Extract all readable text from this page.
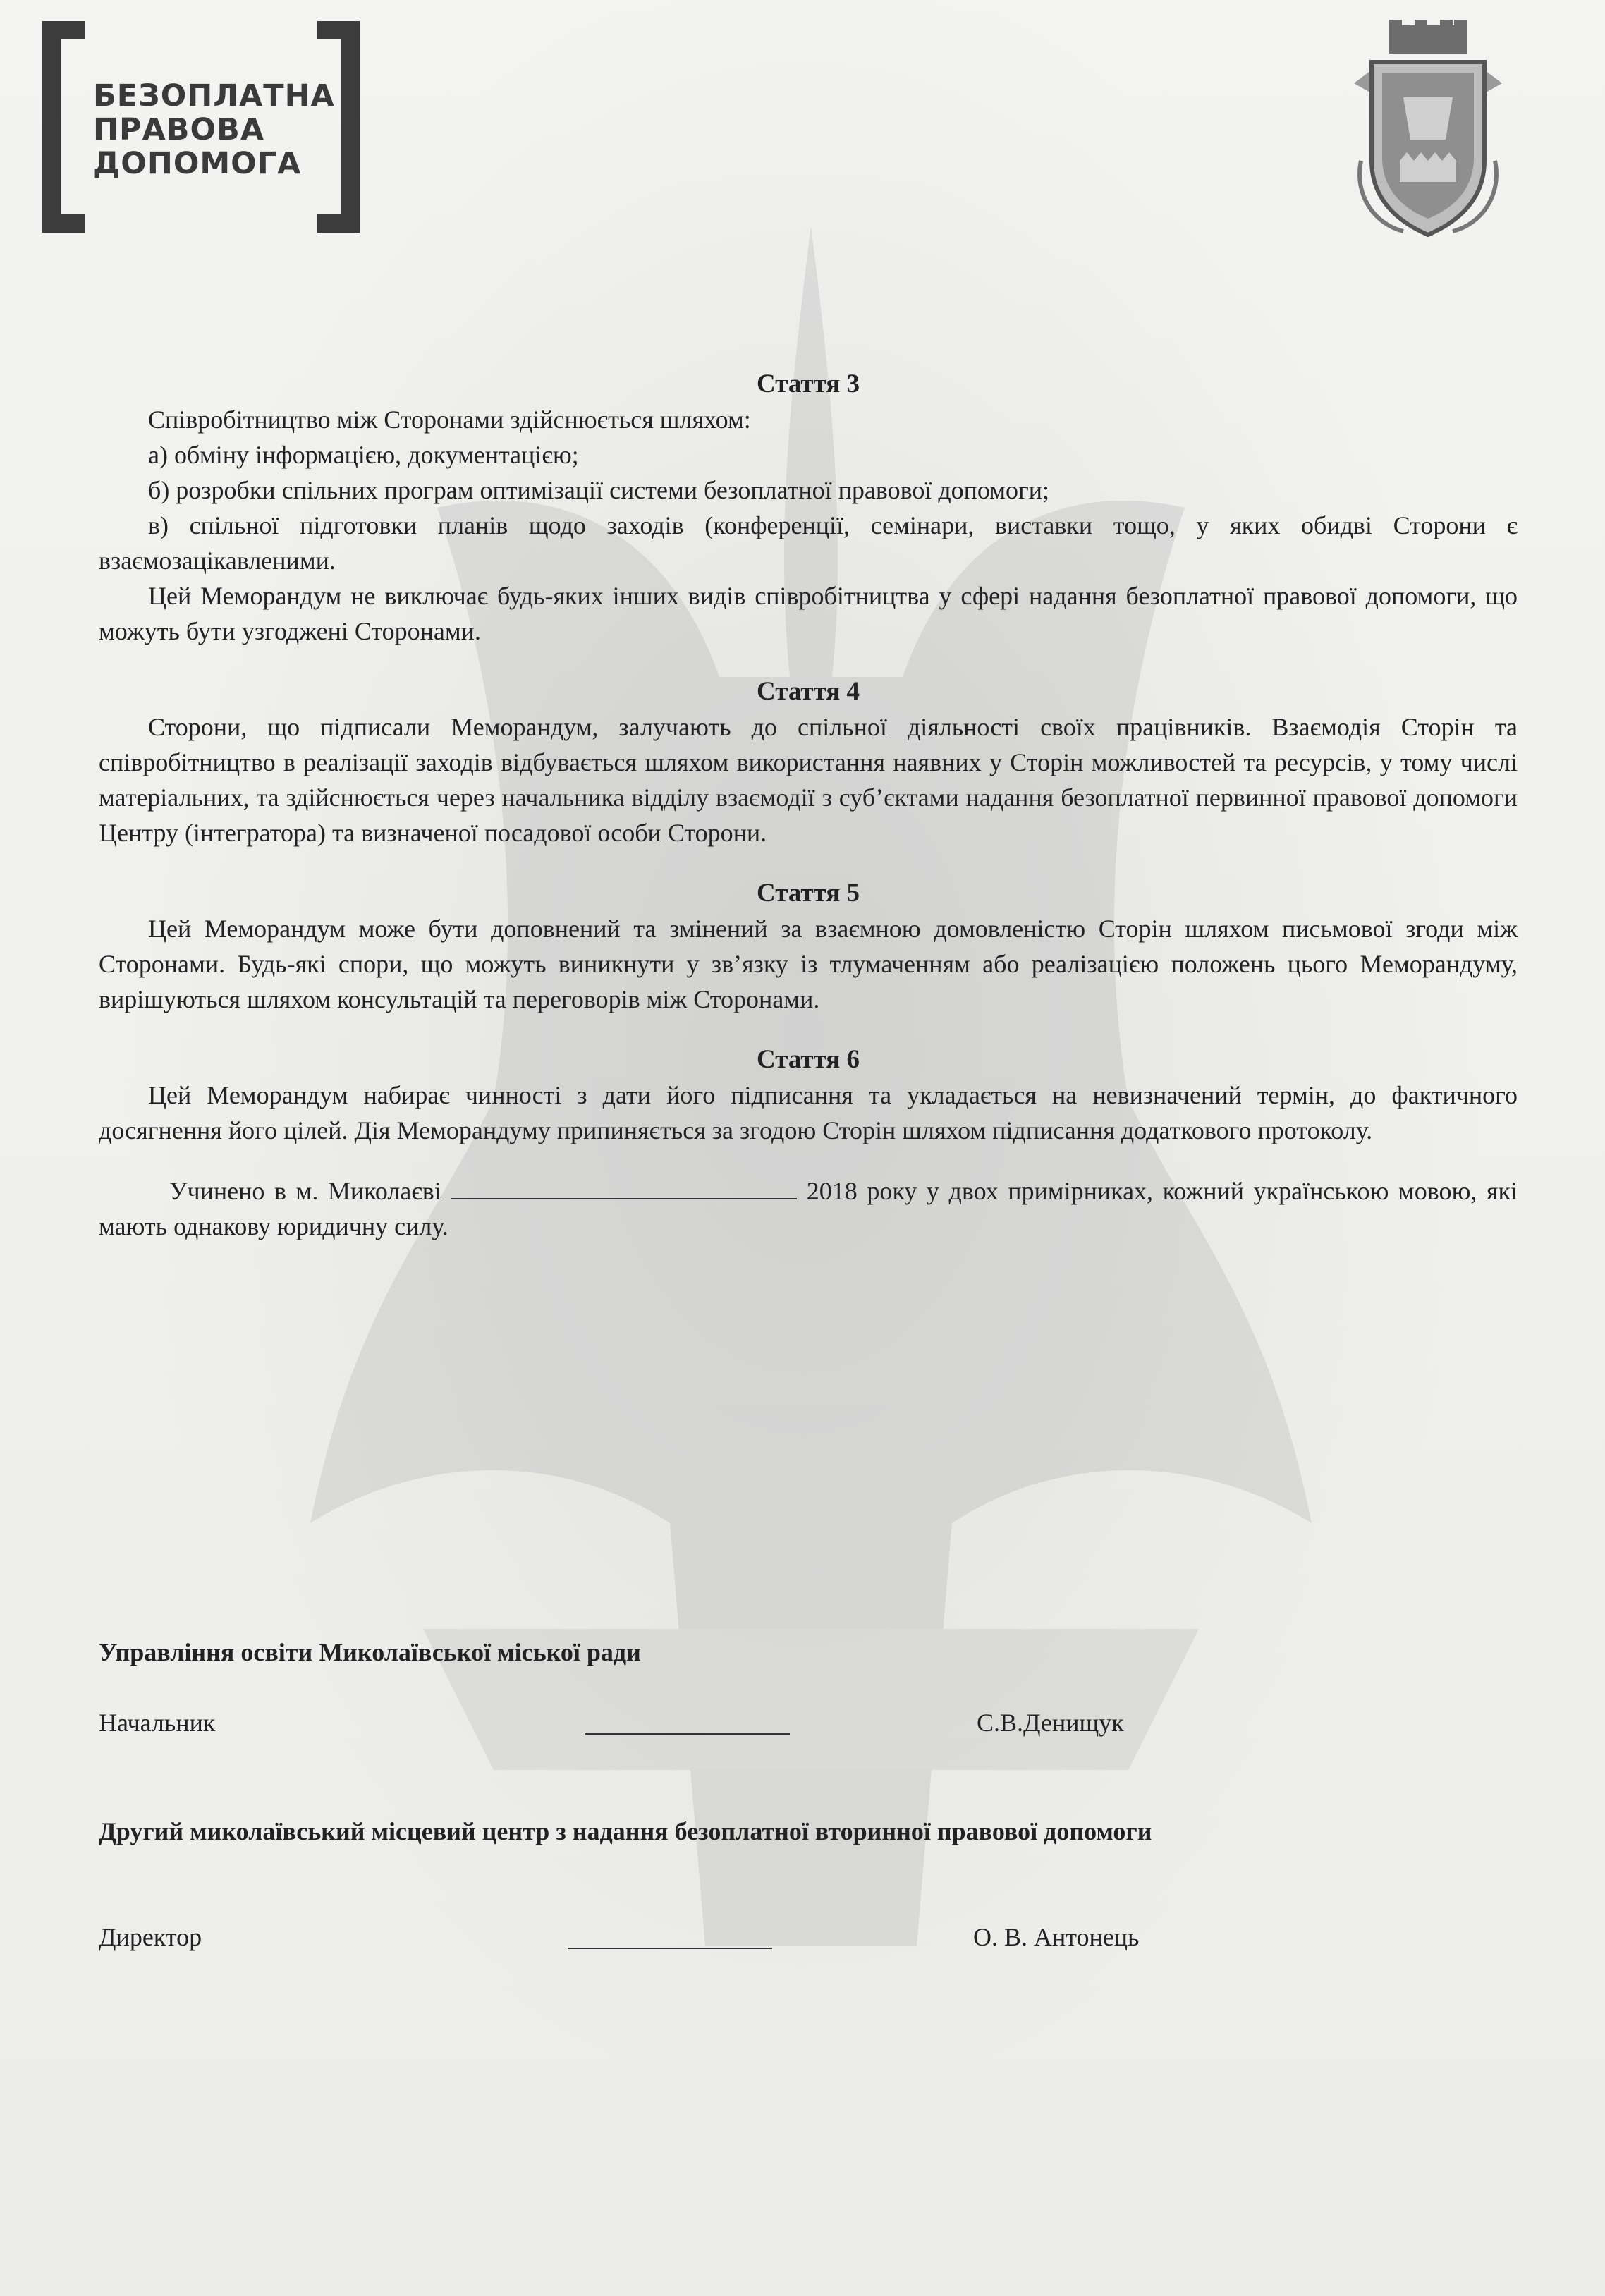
БЕЗОПЛАТНА
ПРАВОВА
ДОПОМОГА
Стаття 3

Співробітництво між Сторонами здійснюється шляхом:

а) обміну інформацією, документацією;

б) розробки спільних програм оптимізації системи безоплатної правової допомоги;

в) спільної підготовки планів щодо заходів (конференції, семінари, виставки тощо, у яких обидві Сторони є взаємозацікавленими.

Цей Меморандум не виключає будь-яких інших видів співробітництва у сфері надання безоплатної правової допомоги, що можуть бути узгоджені Сторонами.

Стаття 4

Сторони, що підписали Меморандум, залучають до спільної діяльності своїх працівників. Взаємодія Сторін та співробітництво в реалізації заходів відбувається шляхом використання наявних у Сторін можливостей та ресурсів, у тому числі матеріальних, та здійснюється через начальника відділу взаємодії з суб’єктами надання безоплатної первинної правової допомоги Центру (інтегратора) та визначеної посадової особи Сторони.

Стаття 5

Цей Меморандум може бути доповнений та змінений за взаємною домовленістю Сторін шляхом письмової згоди між Сторонами. Будь-які спори, що можуть виникнути у зв’язку із тлумаченням або реалізацією положень цього Меморандуму, вирішуються шляхом консультацій та переговорів між Сторонами.

Стаття 6

Цей Меморандум набирає чинності з дати його підписання та укладається на невизначений термін, до фактичного досягнення його цілей. Дія Меморандуму припиняється за згодою Сторін шляхом підписання додаткового протоколу.

Учинено в м. Миколаєві	2018 року у двох примірниках, кожний українською мовою, які мають однакову юридичну силу.

Управління освіти Миколаївської міської ради
Начальник	С.В.Денищук
Другий миколаївський місцевий центр з надання безоплатної вторинної правової допомоги
Директор	О. В. Антонець
